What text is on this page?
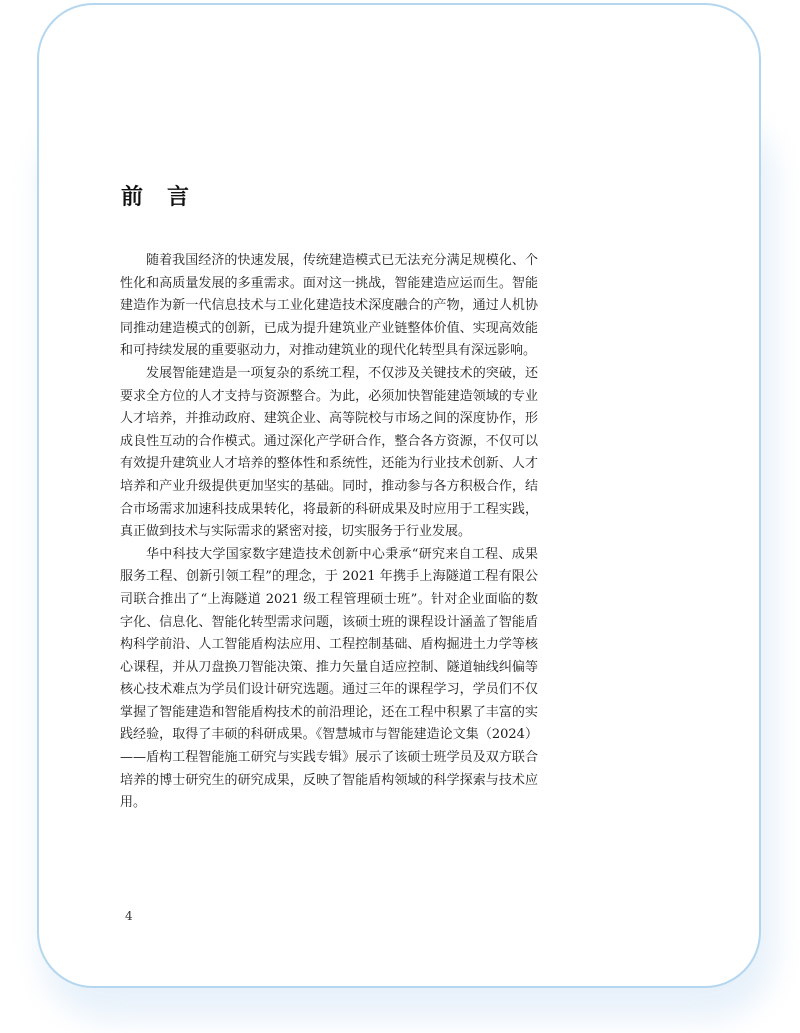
前言

随着我国经济的快速发展，传统建造模式已无法充分满足规模化、个性化和高质量发展的多重需求。面对这一挑战，智能建造应运而生。智能建造作为新一代信息技术与工业化建造技术深度融合的产物，通过人机协同推动建造模式的创新，已成为提升建筑业产业链整体价值、实现高效能和可持续发展的重要驱动力，对推动建筑业的现代化转型具有深远影响。

发展智能建造是一项复杂的系统工程，不仅涉及关键技术的突破，还要求全方位的人才支持与资源整合。为此，必须加快智能建造领域的专业人才培养，并推动政府、建筑企业、高等院校与市场之间的深度协作，形成良性互动的合作模式。通过深化产学研合作，整合各方资源，不仅可以有效提升建筑业人才培养的整体性和系统性，还能为行业技术创新、人才培养和产业升级提供更加坚实的基础。同时，推动参与各方积极合作，结合市场需求加速科技成果转化，将最新的科研成果及时应用于工程实践，真正做到技术与实际需求的紧密对接，切实服务于行业发展。

华中科技大学国家数字建造技术创新中心秉承“研究来自工程、成果服务工程、创新引领工程”的理念，于 2021 年携手上海隧道工程有限公司联合推出了“上海隧道 2021 级工程管理硕士班”。针对企业面临的数字化、信息化、智能化转型需求问题，该硕士班的课程设计涵盖了智能盾构科学前沿、人工智能盾构法应用、工程控制基础、盾构掘进土力学等核心课程，并从刀盘换刀智能决策、推力矢量自适应控制、隧道轴线纠偏等核心技术难点为学员们设计研究选题。通过三年的课程学习，学员们不仅掌握了智能建造和智能盾构技术的前沿理论，还在工程中积累了丰富的实践经验，取得了丰硕的科研成果。《智慧城市与智能建造论文集（2024）——盾构工程智能施工研究与实践专辑》展示了该硕士班学员及双方联合培养的博士研究生的研究成果，反映了智能盾构领域的科学探索与技术应用。

4
